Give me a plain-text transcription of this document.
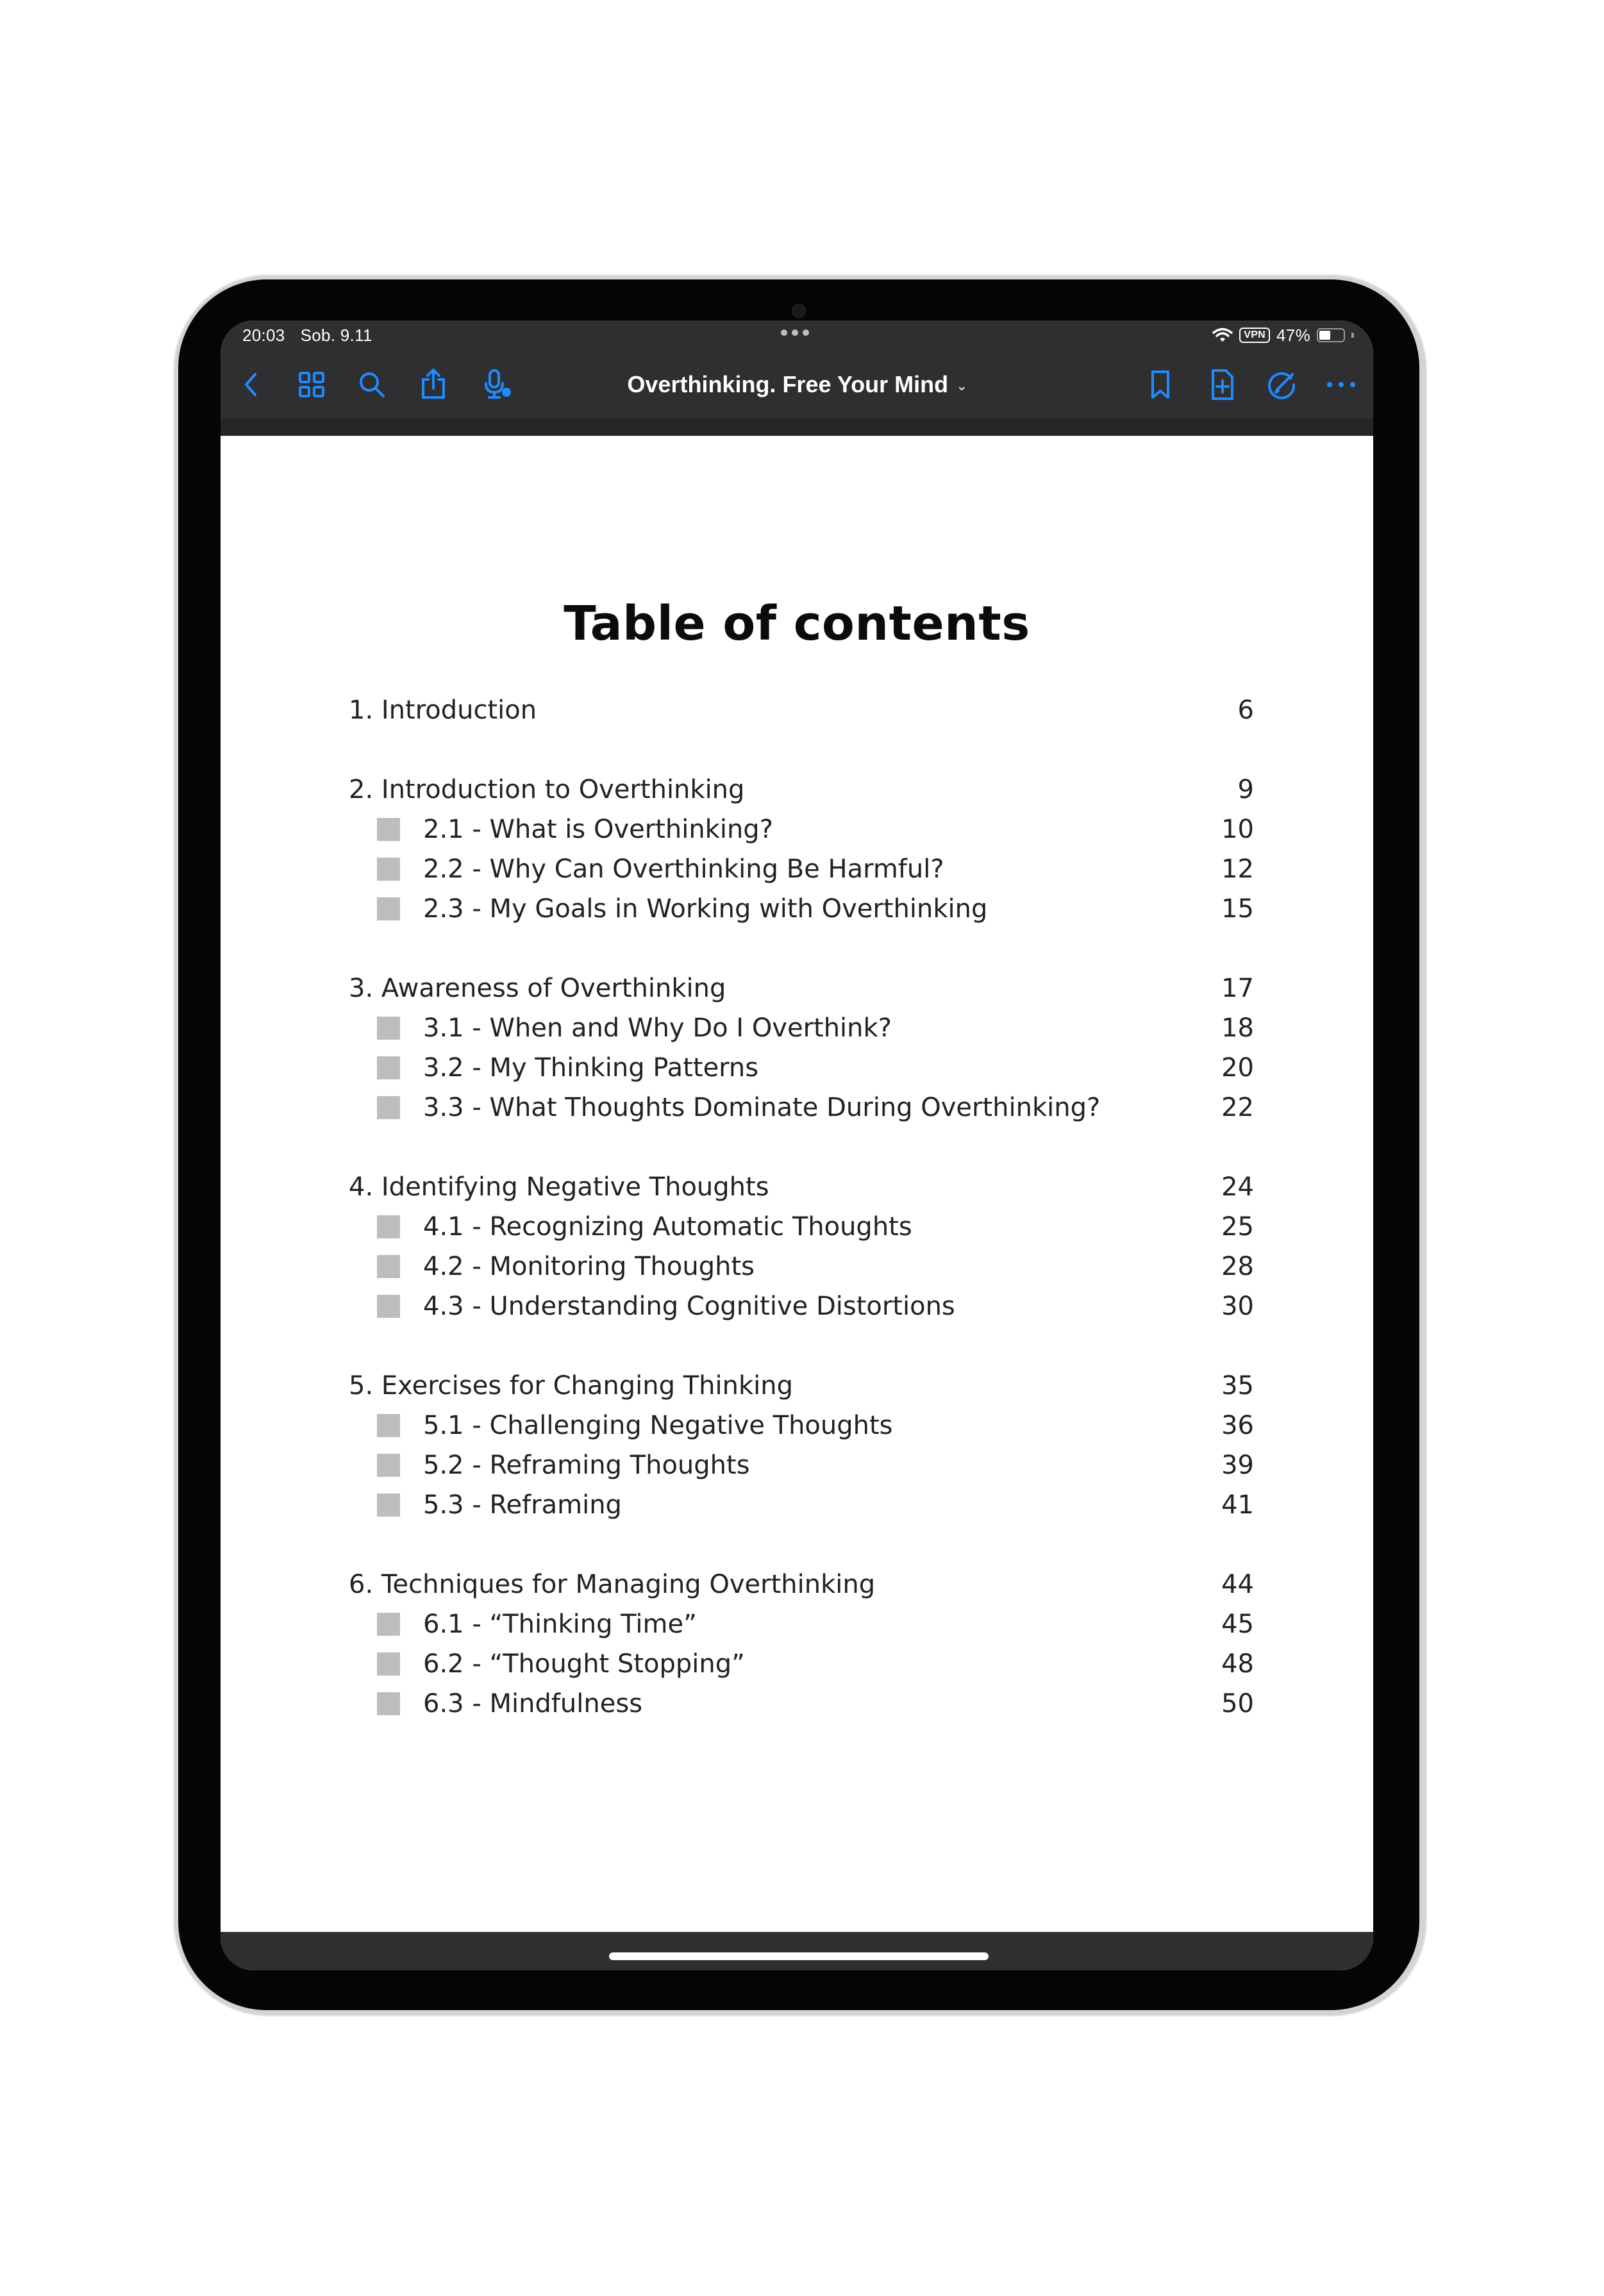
20:03 Sob. 9.11	VPN 47%
Overthinking. Free Your Mind ⌄
Table of contents
1. Introduction	6
2. Introduction to Overthinking	9
2.1 - What is Overthinking?	10
2.2 - Why Can Overthinking Be Harmful?	12
2.3 - My Goals in Working with Overthinking	15
3. Awareness of Overthinking	17
3.1 - When and Why Do I Overthink?	18
3.2 - My Thinking Patterns	20
3.3 - What Thoughts Dominate During Overthinking?	22
4. Identifying Negative Thoughts	24
4.1 - Recognizing Automatic Thoughts	25
4.2 - Monitoring Thoughts	28
4.3 - Understanding Cognitive Distortions	30
5. Exercises for Changing Thinking	35
5.1 - Challenging Negative Thoughts	36
5.2 - Reframing Thoughts	39
5.3 - Reframing	41
6. Techniques for Managing Overthinking	44
6.1 - “Thinking Time”	45
6.2 - “Thought Stopping”	48
6.3 - Mindfulness	50
